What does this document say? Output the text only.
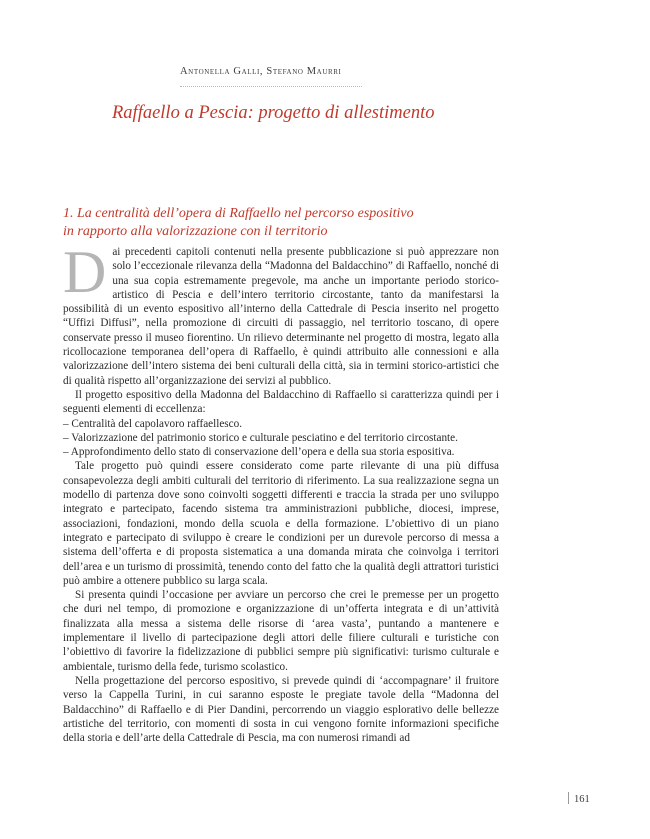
Antonella Galli, Stefano Maurri
Raffaello a Pescia: progetto di allestimento
1. La centralità dell’opera di Raffaello nel percorso espositivo
in rapporto alla valorizzazione con il territorio

Dai precedenti capitoli contenuti nella presente pubblicazione si può apprezzare non solo l’eccezionale rilevanza della “Madonna del Baldacchino” di Raffaello, nonché di una sua copia estremamente pregevole, ma anche un importante periodo storico-artistico di Pescia e dell’intero territorio circostante, tanto da manifestarsi la possibilità di un evento espositivo all’interno della Cattedrale di Pescia inserito nel progetto “Uffizi Diffusi”, nella promozione di circuiti di passaggio, nel territorio toscano, di opere conservate presso il museo fiorentino. Un rilievo determinante nel progetto di mostra, legato alla ricollocazione temporanea dell’opera di Raffaello, è quindi attribuito alle connessioni e alla valorizzazione dell’intero sistema dei beni culturali della città, sia in termini storico-artistici che di qualità rispetto all’organizzazione dei servizi al pubblico.

Il progetto espositivo della Madonna del Baldacchino di Raffaello si caratterizza quindi per i seguenti elementi di eccellenza:

– Centralità del capolavoro raffaellesco.

– Valorizzazione del patrimonio storico e culturale pesciatino e del territorio circostante.

– Approfondimento dello stato di conservazione dell’opera e della sua storia espositiva.

Tale progetto può quindi essere considerato come parte rilevante di una più diffusa consapevolezza degli ambiti culturali del territorio di riferimento. La sua realizzazione segna un modello di partenza dove sono coinvolti soggetti differenti e traccia la strada per uno sviluppo integrato e partecipato, facendo sistema tra amministrazioni pubbliche, diocesi, imprese, associazioni, fondazioni, mondo della scuola e della formazione. L’obiettivo di un piano integrato e partecipato di sviluppo è creare le condizioni per un durevole percorso di messa a sistema dell’offerta e di proposta sistematica a una domanda mirata che coinvolga i territori dell’area e un turismo di prossimità, tenendo conto del fatto che la qualità degli attrattori turistici può ambire a ottenere pubblico su larga scala.

Si presenta quindi l’occasione per avviare un percorso che crei le premesse per un progetto che duri nel tempo, di promozione e organizzazione di un’offerta integrata e di un’attività finalizzata alla messa a sistema delle risorse di ‘area vasta’, puntando a mantenere e implementare il livello di partecipazione degli attori delle filiere culturali e turistiche con l’obiettivo di favorire la fidelizzazione di pubblici sempre più significativi: turismo culturale e ambientale, turismo della fede, turismo scolastico.

Nella progettazione del percorso espositivo, si prevede quindi di ‘accompagnare’ il fruitore verso la Cappella Turini, in cui saranno esposte le pregiate tavole della “Madonna del Baldacchino” di Raffaello e di Pier Dandini, percorrendo un viaggio esplorativo delle bellezze artistiche del territorio, con momenti di sosta in cui vengono fornite informazioni specifiche della storia e dell’arte della Cattedrale di Pescia, ma con numerosi rimandi ad

161
